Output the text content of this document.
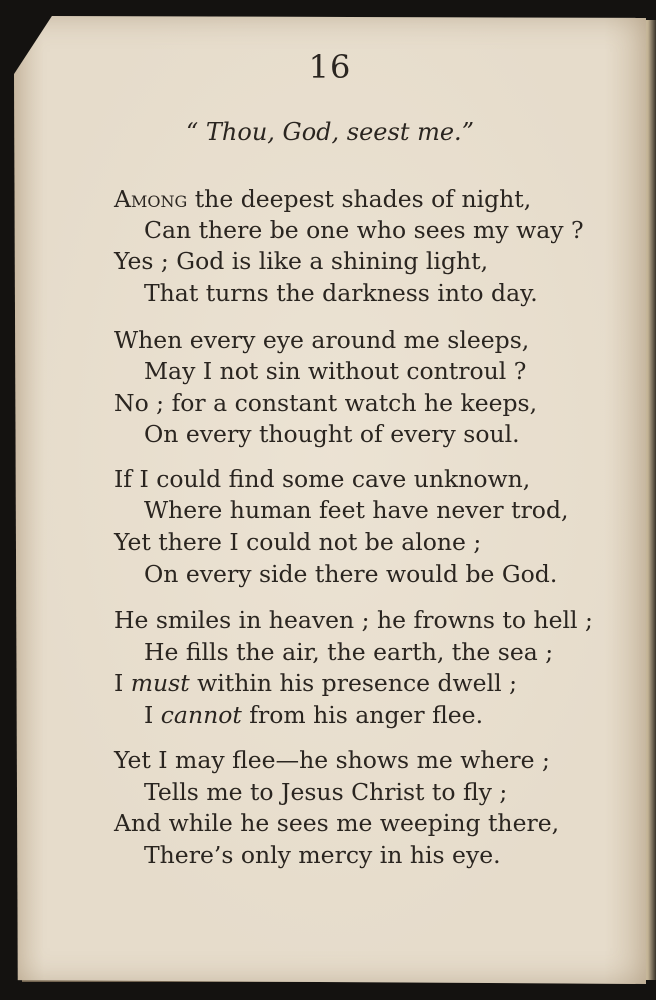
16
“ Thou, God, seest me.”
Among the deepest shades of night,
Can there be one who sees my way ?
Yes ; God is like a shining light,
That turns the darkness into day.
When every eye around me sleeps,
May I not sin without controul ?
No ; for a constant watch he keeps,
On every thought of every soul.
If I could find some cave unknown,
Where human feet have never trod,
Yet there I could not be alone ;
On every side there would be God.
He smiles in heaven ; he frowns to hell ;
He fills the air, the earth, the sea ;
I must within his presence dwell ;
I cannot from his anger flee.
Yet I may flee—he shows me where ;
Tells me to Jesus Christ to fly ;
And while he sees me weeping there,
There’s only mercy in his eye.
